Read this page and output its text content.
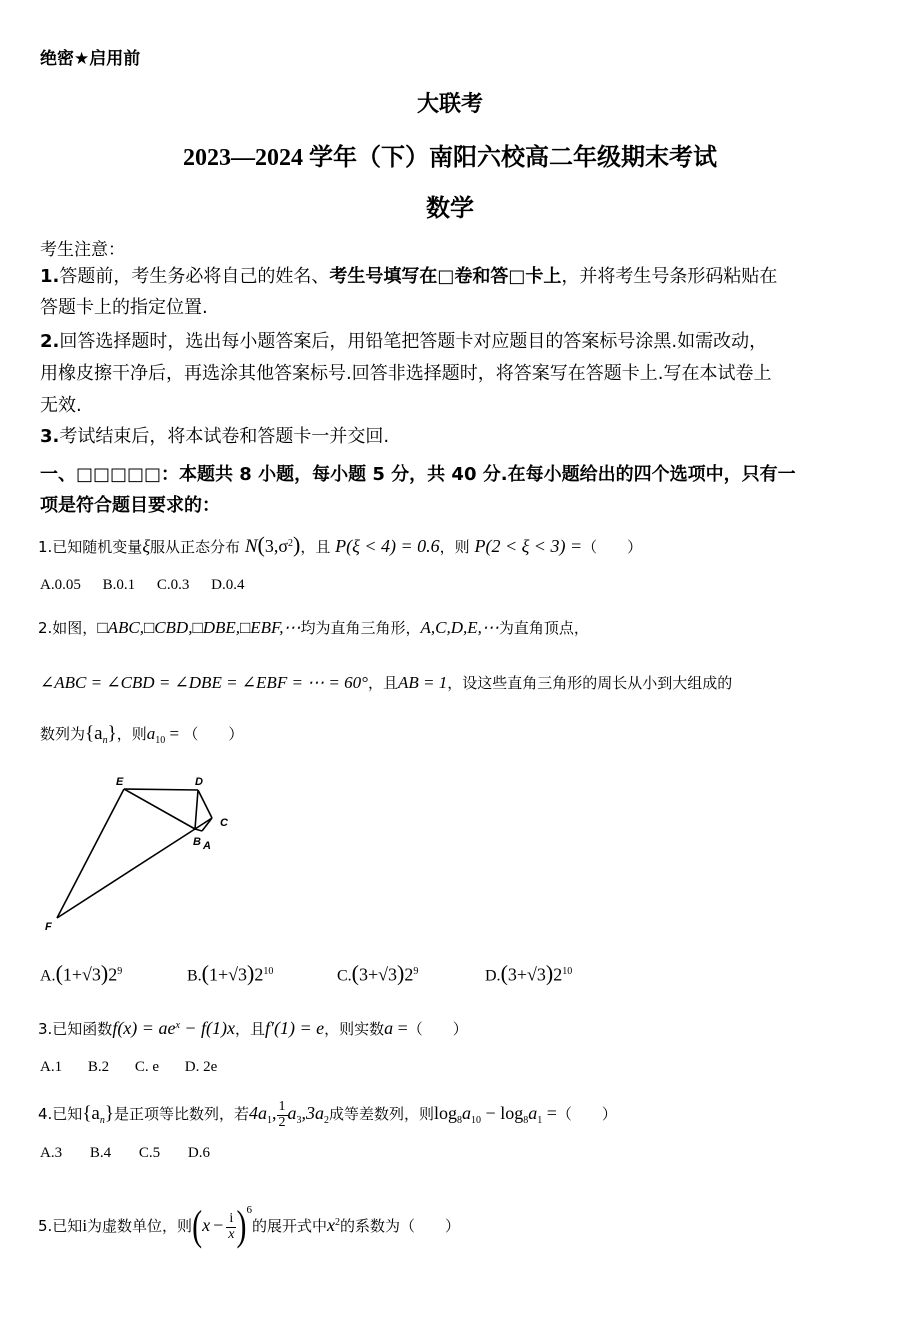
绝密★启用前
大联考
2023—2024 学年（下）南阳六校高二年级期末考试
数学
考生注意：
1.答题前，考生务必将自己的姓名、考生号填写在□卷和答□卡上，并将考生号条形码粘贴在
答题卡上的指定位置.
2.回答选择题时，选出每小题答案后，用铅笔把答题卡对应题目的答案标号涂黑.如需改动，
用橡皮擦干净后，再选涂其他答案标号.回答非选择题时，将答案写在答题卡上.写在本试卷上
无效.
3.考试结束后，将本试卷和答题卡一并交回.
一、□□□□□：本题共 8 小题，每小题 5 分，共 40 分.在每小题给出的四个选项中，只有一
项是符合题目要求的：
1.已知随机变量ξ服从正态分布 $N(3,\sigma^2)$，且 P(ξ < 4) = 0.6，则 P(2 < ξ < 3) =（　　）
A.0.05 B.0.1 C.0.3 D.0.4
2.如图，□ABC,□CBD,□DBE,□EBF,⋯均为直角三角形，A,C,D,E,⋯为直角顶点，
∠ABC = ∠CBD = ∠DBE = ∠EBF = ⋯ = 60°，且AB = 1，设这些直角三角形的周长从小到大组成的
数列为$\{a_n\}$，则$a_{10}$ = （　　）
E	D
C
B A
F
$A.(1+√3)2^9$	$B.(1+√3)2^{10}$	$C.(3+√3)2^9$	$D.(3+√3)2^{10}$
3.已知函数$f(x) = ae^x - f(1)x$，且f′(1) = e，则实数a =（　　）
A.1 B.2 C. e D. 2e
4.已知$\{a_n\}$是正项等比数列，若$4a_1$, $\frac{1}{2} a_3,3a_2$成等差数列，则$\log_8a_{10} - \log_8a_1$ =（　　）
A.3 B.4 C.5 D.6
5.已知i为虚数单位，则$(x - \frac{i}{x} )^6$的展开式中$x^2$的系数为（　　）
